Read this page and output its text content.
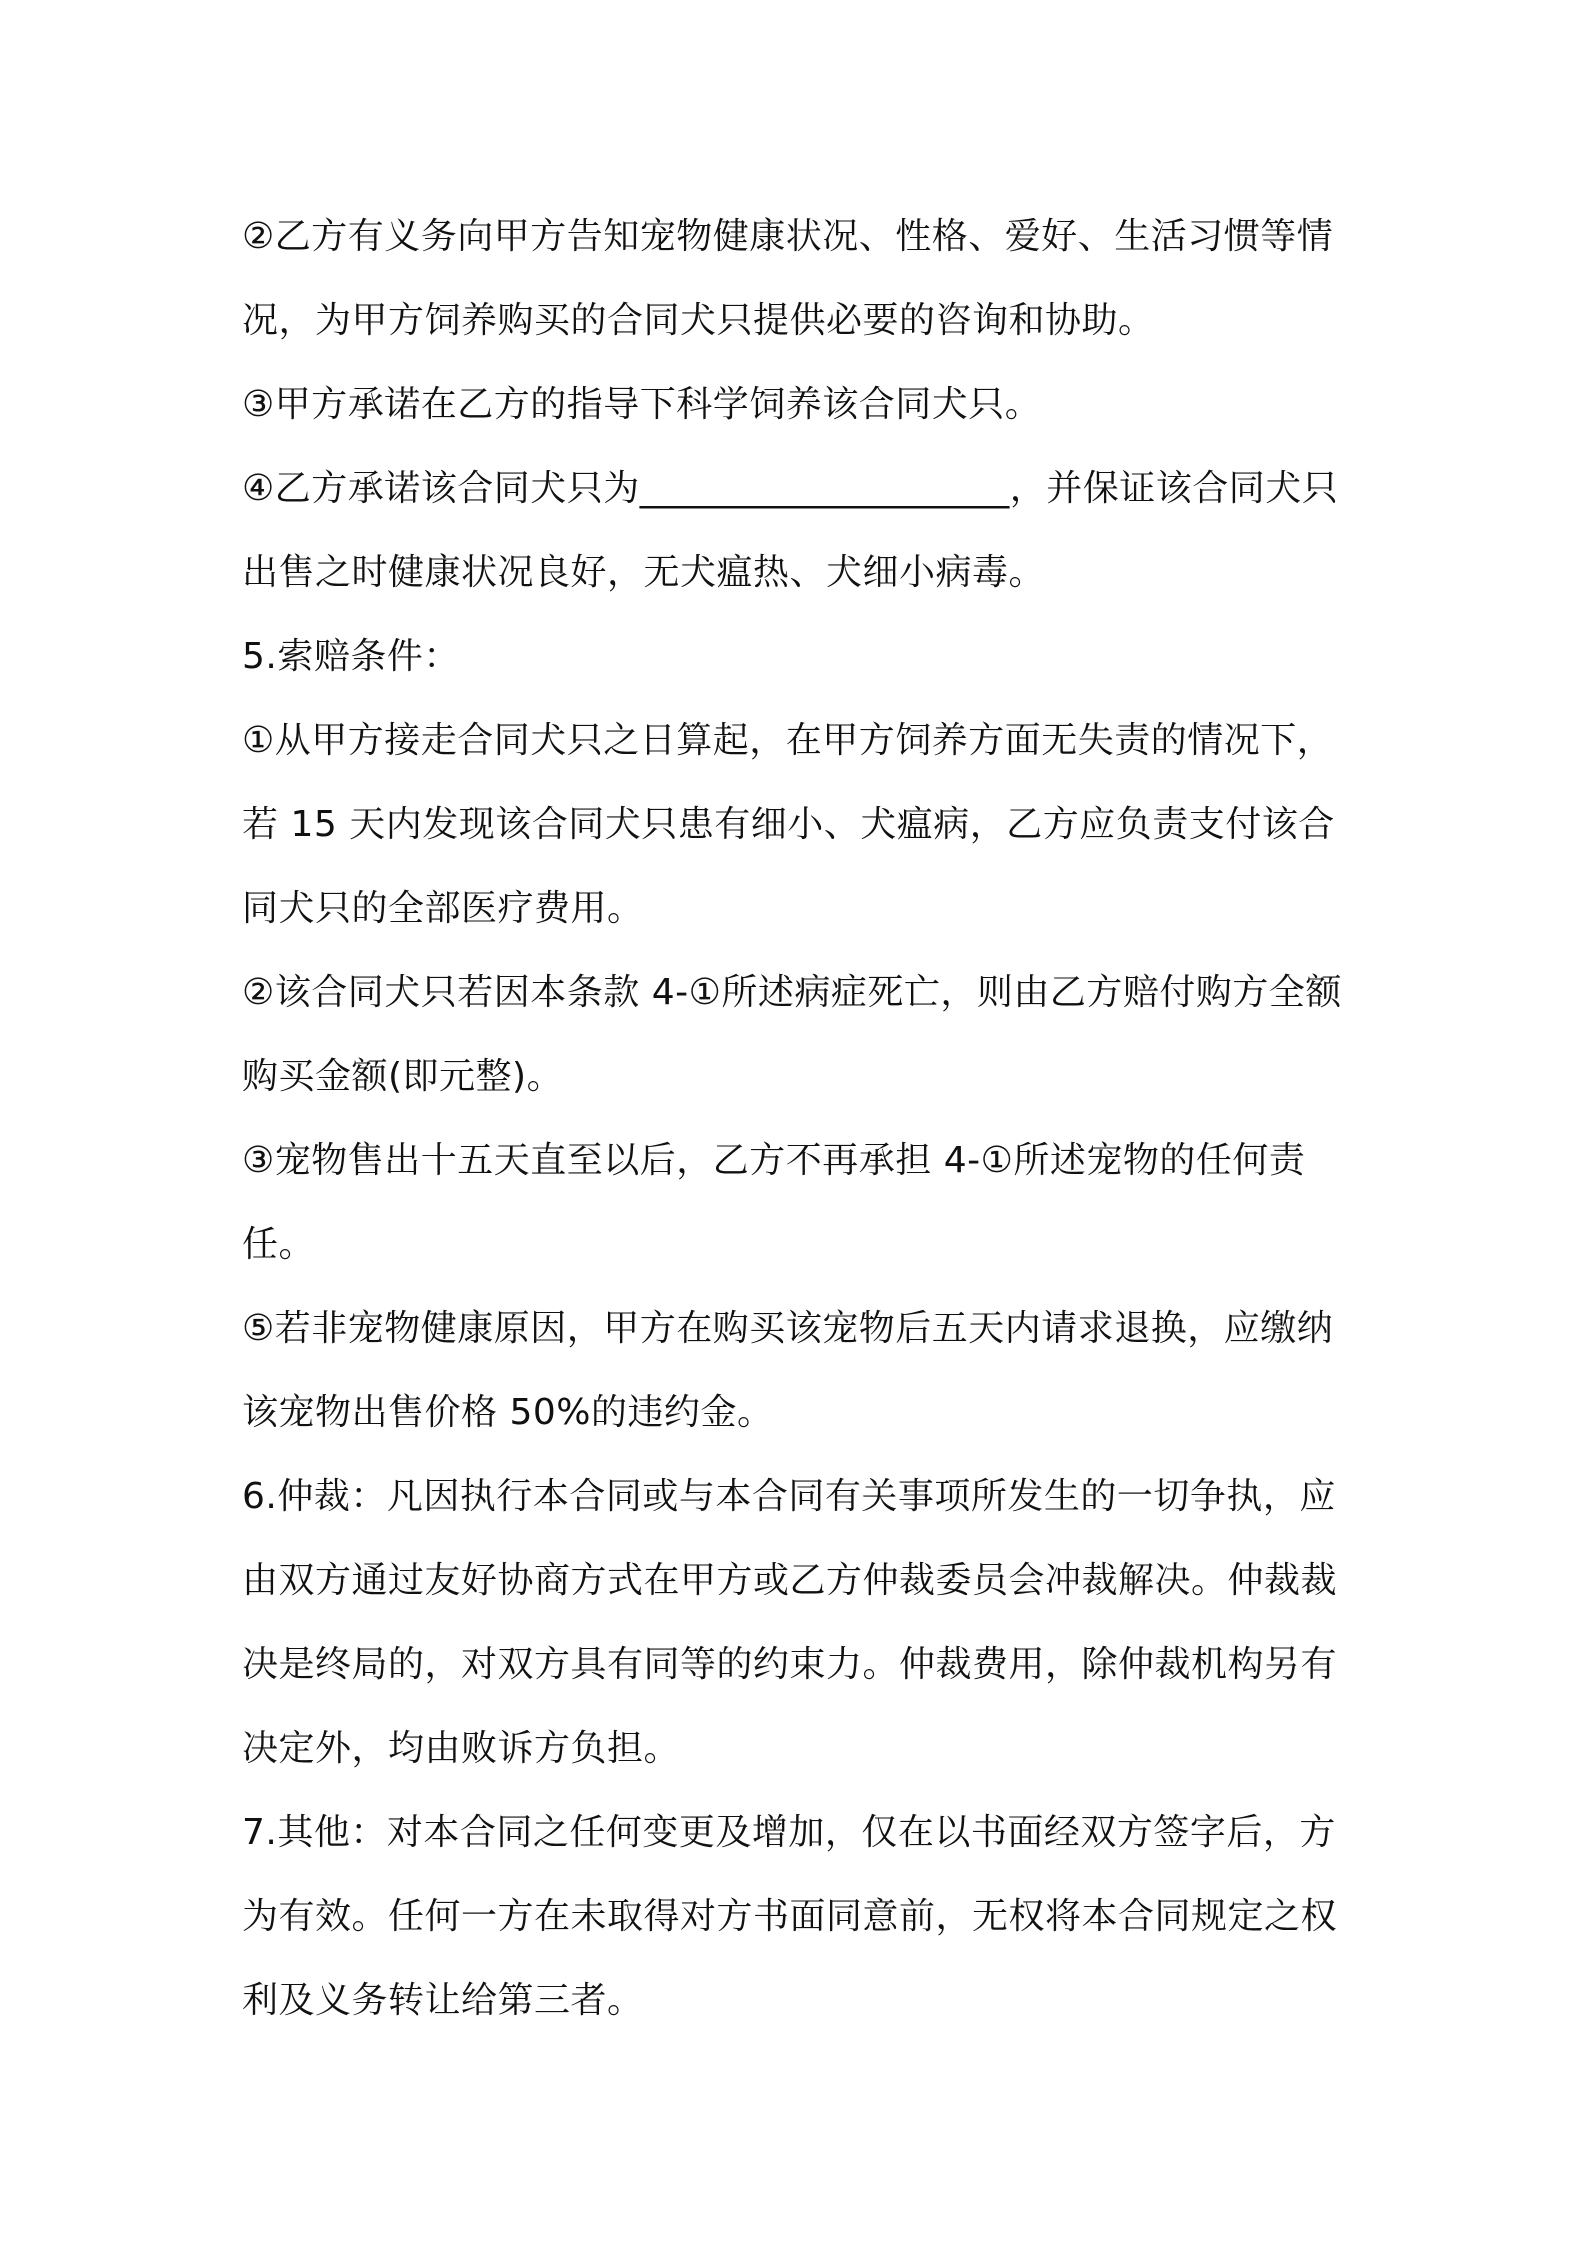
②乙方有义务向甲方告知宠物健康状况、性格、爱好、生活习惯等情况，为甲方饲养购买的合同犬只提供必要的咨询和协助。

③甲方承诺在乙方的指导下科学饲养该合同犬只。

④乙方承诺该合同犬只为____________________，并保证该合同犬只出售之时健康状况良好，无犬瘟热、犬细小病毒。

5.索赔条件：

①从甲方接走合同犬只之日算起，在甲方饲养方面无失责的情况下，若 15 天内发现该合同犬只患有细小、犬瘟病，乙方应负责支付该合同犬只的全部医疗费用。

②该合同犬只若因本条款 4-①所述病症死亡，则由乙方赔付购方全额购买金额(即元整)。

③宠物售出十五天直至以后，乙方不再承担 4-①所述宠物的任何责任。

⑤若非宠物健康原因，甲方在购买该宠物后五天内请求退换，应缴纳该宠物出售价格 50%的违约金。

6.仲裁：凡因执行本合同或与本合同有关事项所发生的一切争执，应由双方通过友好协商方式在甲方或乙方仲裁委员会冲裁解决。仲裁裁决是终局的，对双方具有同等的约束力。仲裁费用，除仲裁机构另有决定外，均由败诉方负担。

7.其他：对本合同之任何变更及增加，仅在以书面经双方签字后，方为有效。任何一方在未取得对方书面同意前，无权将本合同规定之权利及义务转让给第三者。
